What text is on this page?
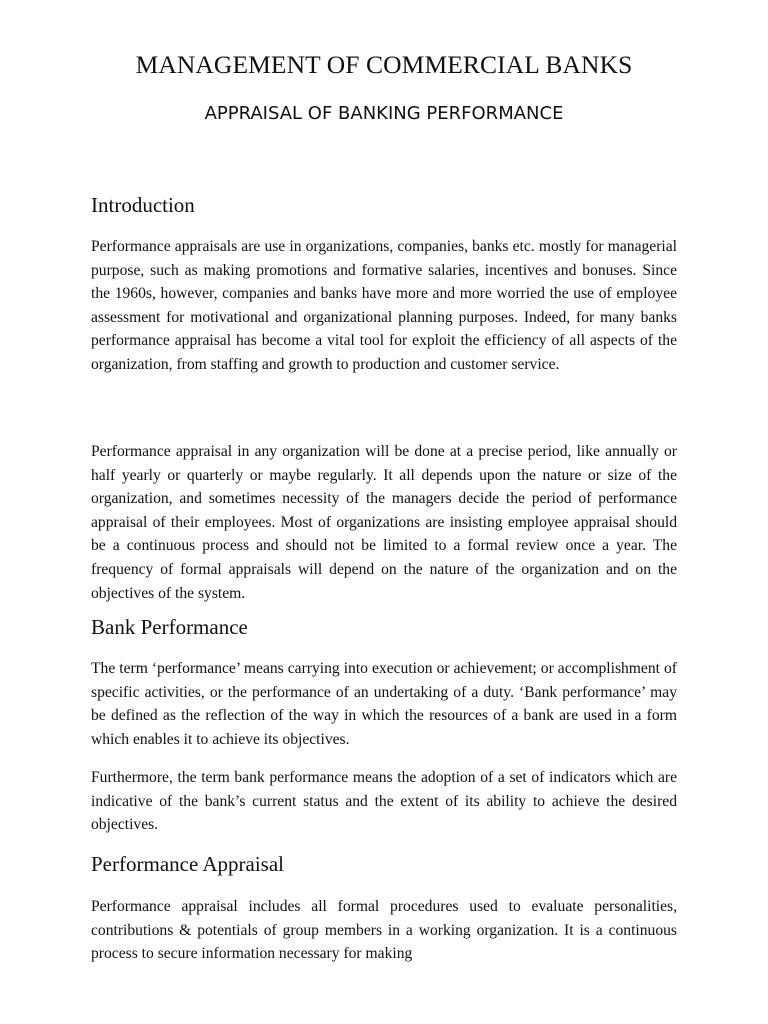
MANAGEMENT OF COMMERCIAL BANKS
APPRAISAL OF BANKING PERFORMANCE
Introduction

Performance appraisals are use in organizations, companies, banks etc. mostly for managerial purpose, such as making promotions and formative salaries, incentives and bonuses. Since the 1960s, however, companies and banks have more and more worried the use of employee assessment for motivational and organizational planning purposes. Indeed, for many banks performance appraisal has become a vital tool for exploit the efficiency of all aspects of the organization, from staffing and growth to production and customer service.

Performance appraisal in any organization will be done at a precise period, like annually or half yearly or quarterly or maybe regularly. It all depends upon the nature or size of the organization, and sometimes necessity of the managers decide the period of performance appraisal of their employees. Most of organizations are insisting employee appraisal should be a continuous process and should not be limited to a formal review once a year. The frequency of formal appraisals will depend on the nature of the organization and on the objectives of the system.

Bank Performance

The term ‘performance’ means carrying into execution or achievement; or accomplishment of specific activities, or the performance of an undertaking of a duty. ‘Bank performance’ may be defined as the reflection of the way in which the resources of a bank are used in a form which enables it to achieve its objectives.

Furthermore, the term bank performance means the adoption of a set of indicators which are indicative of the bank’s current status and the extent of its ability to achieve the desired objectives.

Performance Appraisal

Performance appraisal includes all formal procedures used to evaluate personalities, contributions & potentials of group members in a working organization. It is a continuous process to secure information necessary for making
